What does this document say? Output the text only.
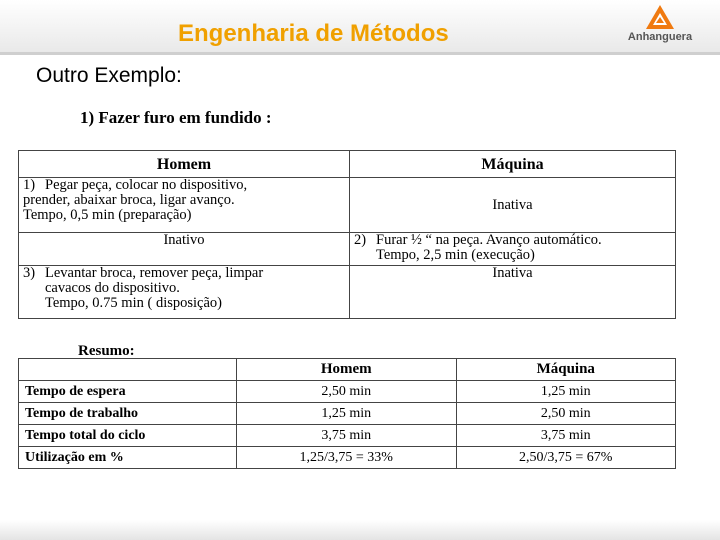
Engenharia de Métodos	Anhanguera
Outro Exemplo:
1) Fazer furo em fundido :
Homem	Máquina

1) Pegar peça, colocar no dispositivo,
prender, abaixar broca, ligar avanço.
Tempo, 0,5 min (preparação)	Inativa
Inativo	2) Furar ½ “ na peça. Avanço automático.
Tempo, 2,5 min (execução)

3) Levantar broca, remover peça, limpar
cavacos do dispositivo.
Tempo, 0.75 min ( disposição)	Inativa
Resumo:
	Homem	Máquina
Tempo de espera	2,50 min	1,25 min
Tempo de trabalho	1,25 min	2,50 min
Tempo total do ciclo	3,75 min	3,75 min
Utilização em %	1,25/3,75 = 33%	2,50/3,75 = 67%
